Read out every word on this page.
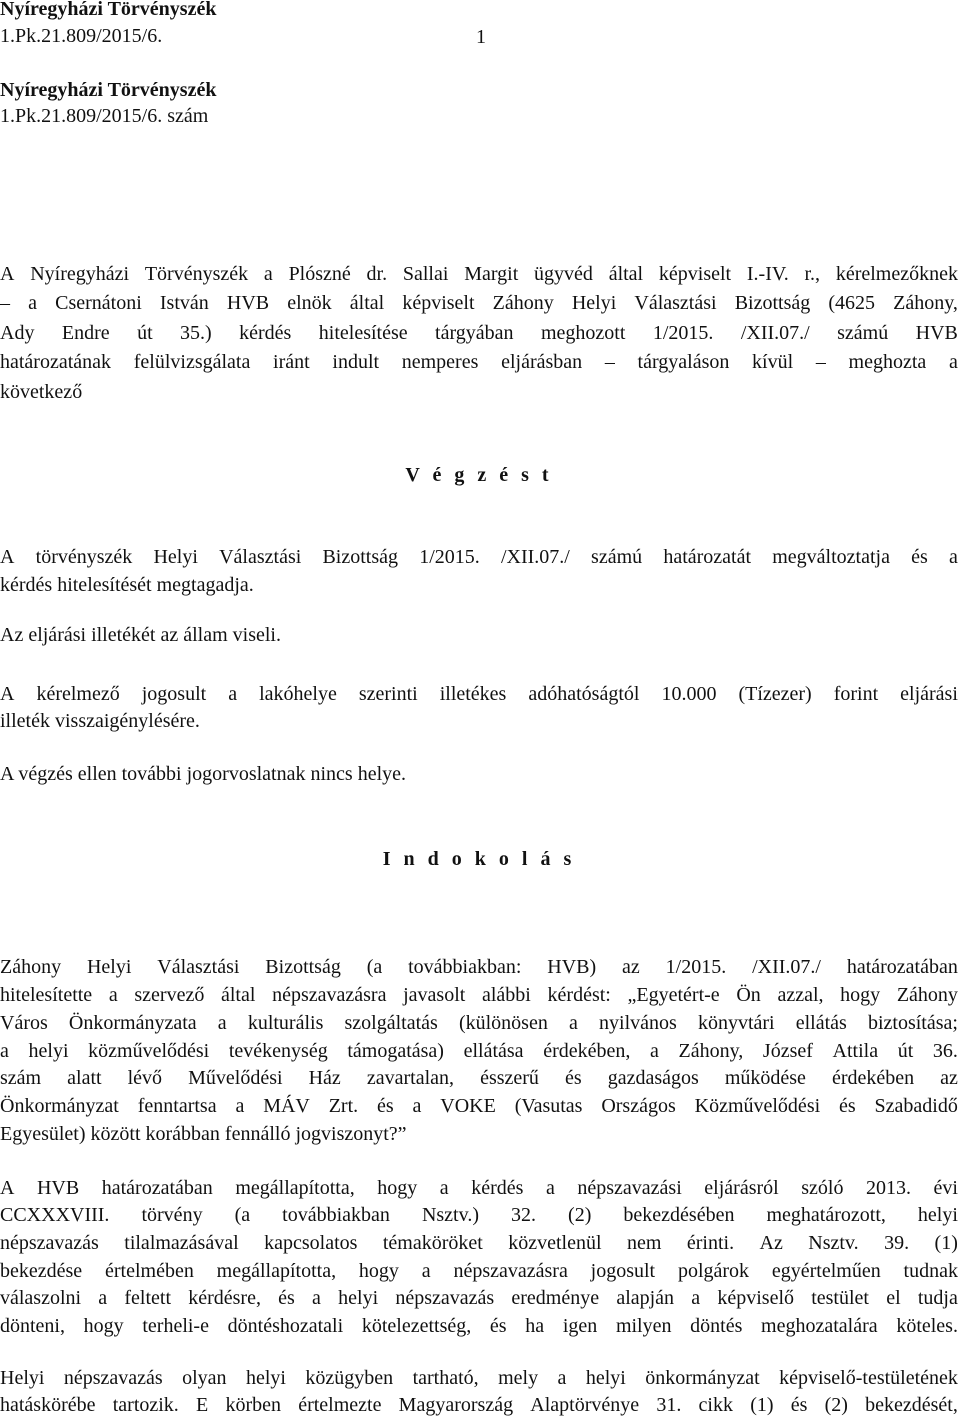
Nyíregyházi Törvényszék
1.Pk.21.809/2015/6.	1
Nyíregyházi Törvényszék
1.Pk.21.809/2015/6. szám
A Nyíregyházi Törvényszék a Plószné dr. Sallai Margit ügyvéd által képviselt I.-IV. r., kérelmezőknek
– a Csernátoni István HVB elnök által képviselt Záhony Helyi Választási Bizottság (4625 Záhony,
Ady Endre út 35.) kérdés hitelesítése tárgyában meghozott 1/2015. /XII.07./ számú HVB
határozatának felülvizsgálata iránt indult nemperes eljárásban – tárgyaláson kívül – meghozta a
következő
V é g z é s t
A törvényszék Helyi Választási Bizottság 1/2015. /XII.07./ számú határozatát megváltoztatja és a
kérdés hitelesítését megtagadja.
Az eljárási illetékét az állam viseli.
A kérelmező jogosult a lakóhelye szerinti illetékes adóhatóságtól 10.000 (Tízezer) forint eljárási
illeték visszaigénylésére.
A végzés ellen további jogorvoslatnak nincs helye.
I n d o k o l á s
Záhony Helyi Választási Bizottság (a továbbiakban: HVB) az 1/2015. /XII.07./ határozatában
hitelesítette a szervező által népszavazásra javasolt alábbi kérdést: „Egyetért-e Ön azzal, hogy Záhony
Város Önkormányzata a kulturális szolgáltatás (különösen a nyilvános könyvtári ellátás biztosítása;
a helyi közművelődési tevékenység támogatása) ellátása érdekében, a Záhony, József Attila út 36.
szám alatt lévő Művelődési Ház zavartalan, ésszerű és gazdaságos működése érdekében az
Önkormányzat fenntartsa a MÁV Zrt. és a VOKE (Vasutas Országos Közművelődési és Szabadidő
Egyesület) között korábban fennálló jogviszonyt?”
A HVB határozatában megállapította, hogy a kérdés a népszavazási eljárásról szóló 2013. évi
CCXXXVIII. törvény (a továbbiakban Nsztv.) 32. (2) bekezdésében meghatározott, helyi
népszavazás tilalmazásával kapcsolatos témaköröket közvetlenül nem érinti. Az Nsztv. 39. (1)
bekezdése értelmében megállapította, hogy a népszavazásra jogosult polgárok egyértelműen tudnak
válaszolni a feltett kérdésre, és a helyi népszavazás eredménye alapján a képviselő testület el tudja
dönteni, hogy terheli-e döntéshozatali kötelezettség, és ha igen milyen döntés meghozatalára köteles.
Helyi népszavazás olyan helyi közügyben tartható, mely a helyi önkormányzat képviselő-testületének
hatáskörébe tartozik. E körben értelmezte Magyarország Alaptörvénye 31. cikk (1) és (2) bekezdését,
